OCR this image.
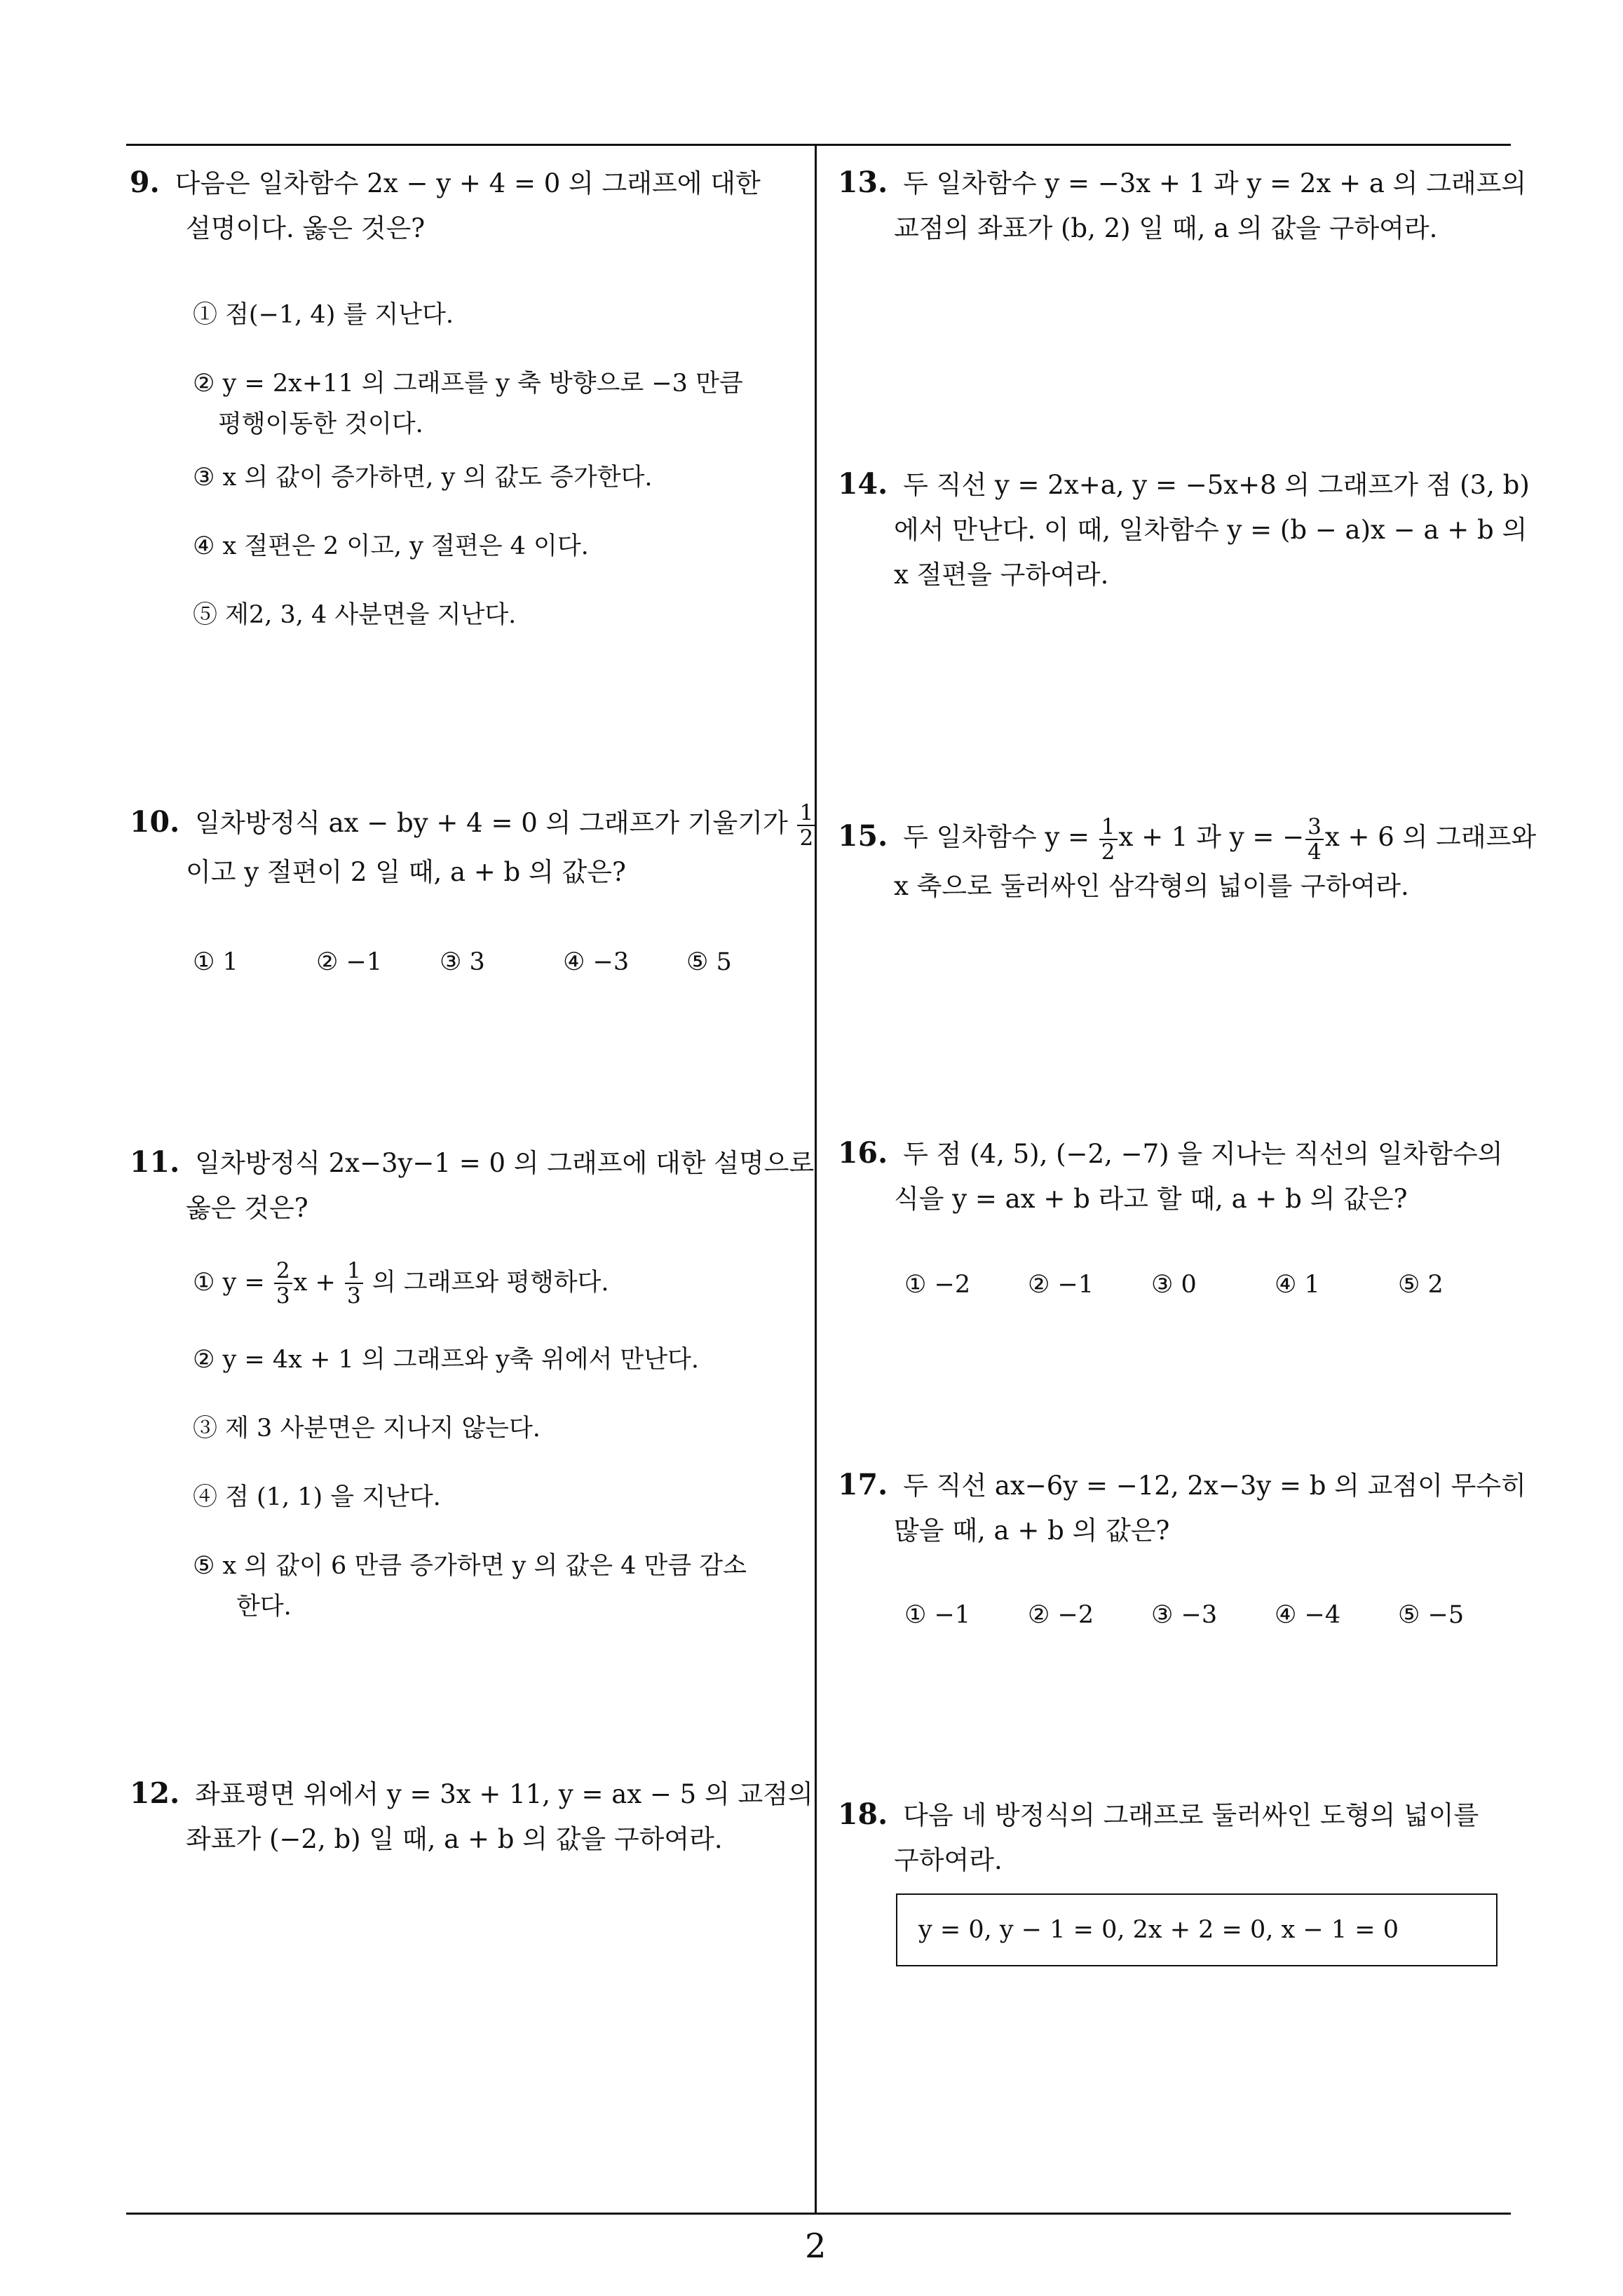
9. 다음은 일차함수 2x − y + 4 = 0 의 그래프에 대한
설명이다. 옳은 것은?
① 점(−1, 4) 를 지난다.
② y = 2x+11 의 그래프를 y 축 방향으로 −3 만큼
평행이동한 것이다.
③ x 의 값이 증가하면, y 의 값도 증가한다.
④ x 절편은 2 이고, y 절편은 4 이다.
⑤ 제2, 3, 4 사분면을 지난다.
10. 일차방정식 ax − by + 4 = 0 의 그래프가 기울기가 $\frac{1}{2}$
이고 y 절편이 2 일 때, a + b 의 값은?
① 1	② −1 ③ 3	④ −3 ⑤ 5
11. 일차방정식 2x−3y−1 = 0 의 그래프에 대한 설명으로
옳은 것은?
① $y = \frac{2}{3}$ $x + \frac{1}{3}$ 의 그래프와 평행하다.
② y = 4x + 1 의 그래프와 y축 위에서 만난다.
③ 제 3 사분면은 지나지 않는다.
④ 점 (1, 1) 을 지난다.
⑤ x 의 값이 6 만큼 증가하면 y 의 값은 4 만큼 감소
한다.
12. 좌표평면 위에서 y = 3x + 11, y = ax − 5 의 교점의
좌표가 (−2, b) 일 때, a + b 의 값을 구하여라.
13. 두 일차함수 y = −3x + 1 과 y = 2x + a 의 그래프의
교점의 좌표가 (b, 2) 일 때, a 의 값을 구하여라.
14. 두 직선 y = 2x+a, y = −5x+8 의 그래프가 점 (3, b)
에서 만난다. 이 때, 일차함수 y = (b − a)x − a + b 의
x 절편을 구하여라.
15. 두 일차함수 $y = \frac{1}{2}$ x + 1 과 y = − $\frac{3}{4}$ x + 6 의 그래프와
x 축으로 둘러싸인 삼각형의 넓이를 구하여라.
16. 두 점 (4, 5), (−2, −7) 을 지나는 직선의 일차함수의
식을 y = ax + b 라고 할 때, a + b 의 값은?
① −2 ② −1 ③ 0	④ 1	⑤ 2
17. 두 직선 ax−6y = −12, 2x−3y = b 의 교점이 무수히
많을 때, a + b 의 값은?
① −1 ② −2 ③ −3 ④ −4 ⑤ −5
18. 다음 네 방정식의 그래프로 둘러싸인 도형의 넓이를
구하여라.
y = 0, y − 1 = 0, 2x + 2 = 0, x − 1 = 0
2
